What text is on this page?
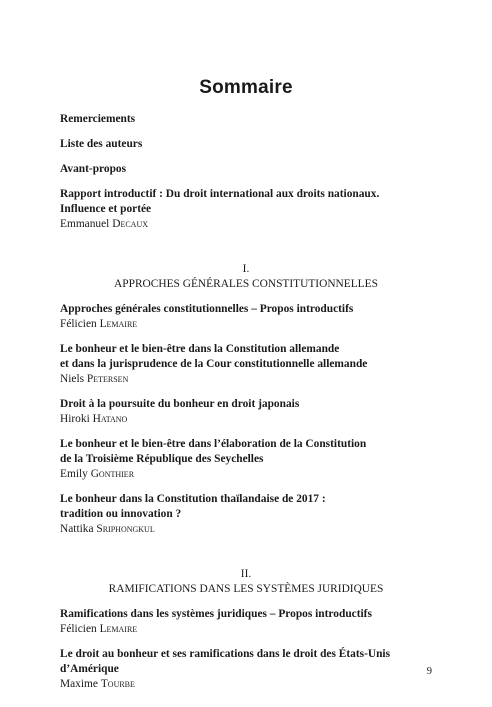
Sommaire
Remerciements
Liste des auteurs
Avant-propos
Rapport introductif : Du droit international aux droits nationaux.
Influence et portée
Emmanuel Decaux
I.
APPROCHES GÉNÉRALES CONSTITUTIONNELLES
Approches générales constitutionnelles – Propos introductifs
Félicien Lemaire
Le bonheur et le bien-être dans la Constitution allemande
et dans la jurisprudence de la Cour constitutionnelle allemande
Niels Petersen
Droit à la poursuite du bonheur en droit japonais
Hiroki Hatano
Le bonheur et le bien-être dans l’élaboration de la Constitution
de la Troisième République des Seychelles
Emily Gonthier
Le bonheur dans la Constitution thaïlandaise de 2017 :
tradition ou innovation ?
Nattika Sriphongkul
II.
RAMIFICATIONS DANS LES SYSTÈMES JURIDIQUES
Ramifications dans les systèmes juridiques – Propos introductifs
Félicien Lemaire
Le droit au bonheur et ses ramifications dans le droit des États-Unis
d’Amérique
Maxime Tourbe
9
